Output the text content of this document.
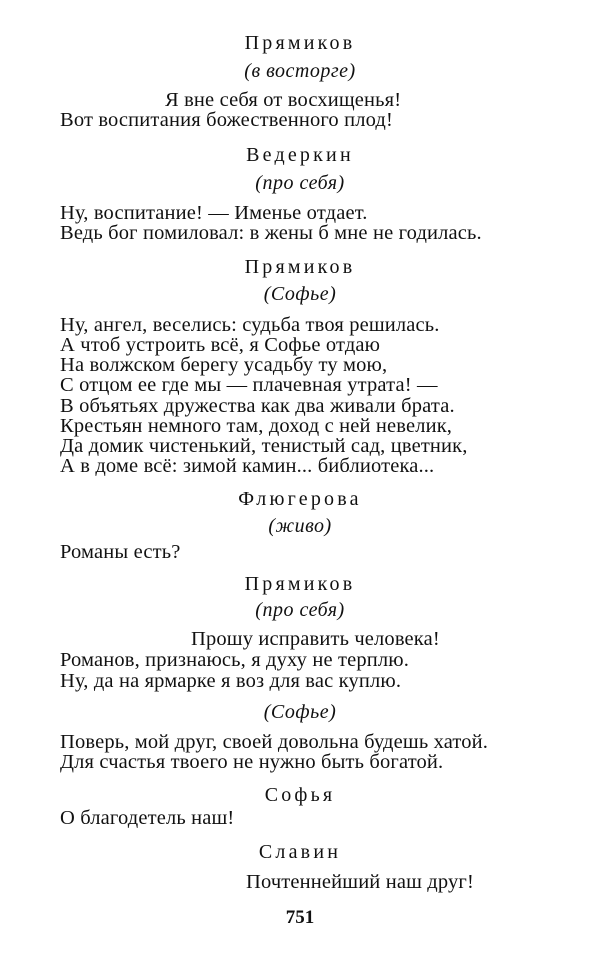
Прямиков
(в восторге)
Я вне себя от восхищенья!
Вот воспитания божественного плод!
Ведеркин
(про себя)
Ну, воспитание! — Именье отдает.
Ведь бог помиловал: в жены б мне не годилась.
Прямиков
(Софье)
Ну, ангел, веселись: судьба твоя решилась.
А чтоб устроить всё, я Софье отдаю
На волжском берегу усадьбу ту мою,
С отцом ее где мы — плачевная утрата! —
В объятьях дружества как два живали брата.
Крестьян немного там, доход с ней невелик,
Да домик чистенький, тенистый сад, цветник,
А в доме всё: зимой камин... библиотека...
Флюгерова
(живо)
Романы есть?
Прямиков
(про себя)
Прошу исправить человека!
Романов, признаюсь, я духу не терплю.
Ну, да на ярмарке я воз для вас куплю.
(Софье)
Поверь, мой друг, своей довольна будешь хатой.
Для счастья твоего не нужно быть богатой.
Софья
О благодетель наш!
Славин
Почтеннейший наш друг!
751
